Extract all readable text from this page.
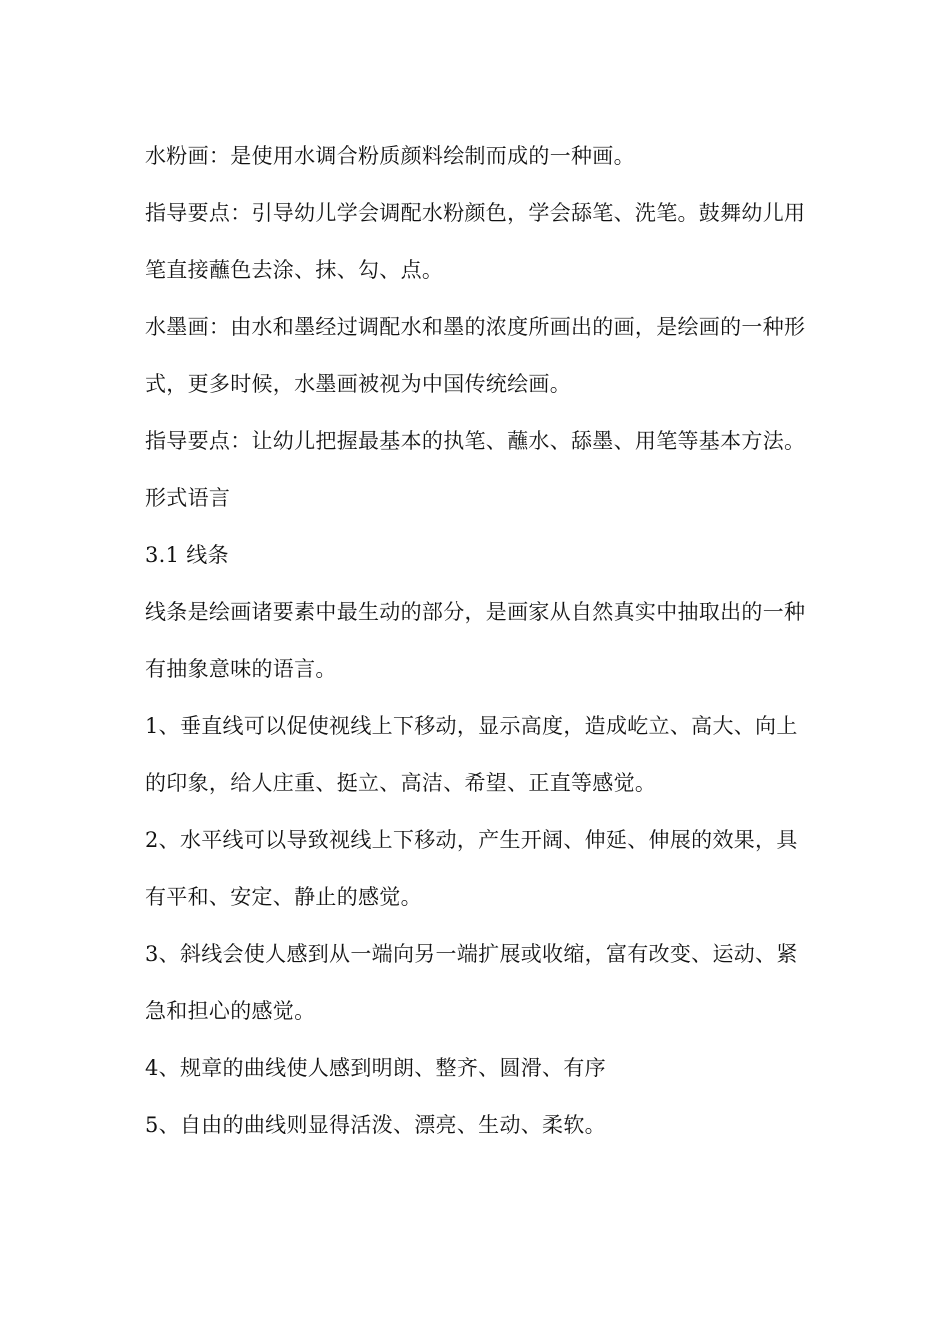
水粉画：是使用水调合粉质颜料绘制而成的一种画。

指导要点：引导幼儿学会调配水粉颜色，学会舔笔、洗笔。鼓舞幼儿用笔直接蘸色去涂、抹、勾、点。

水墨画：由水和墨经过调配水和墨的浓度所画出的画，是绘画的一种形式，更多时候，水墨画被视为中国传统绘画。

指导要点：让幼儿把握最基本的执笔、蘸水、舔墨、用笔等基本方法。

形式语言

3.1 线条

线条是绘画诸要素中最生动的部分，是画家从自然真实中抽取出的一种有抽象意味的语言。

1、垂直线可以促使视线上下移动，显示高度，造成屹立、高大、向上的印象，给人庄重、挺立、高洁、希望、正直等感觉。

2、水平线可以导致视线上下移动，产生开阔、伸延、伸展的效果，具有平和、安定、静止的感觉。

3、斜线会使人感到从一端向另一端扩展或收缩，富有改变、运动、紧急和担心的感觉。

4、规章的曲线使人感到明朗、整齐、圆滑、有序

5、自由的曲线则显得活泼、漂亮、生动、柔软。
